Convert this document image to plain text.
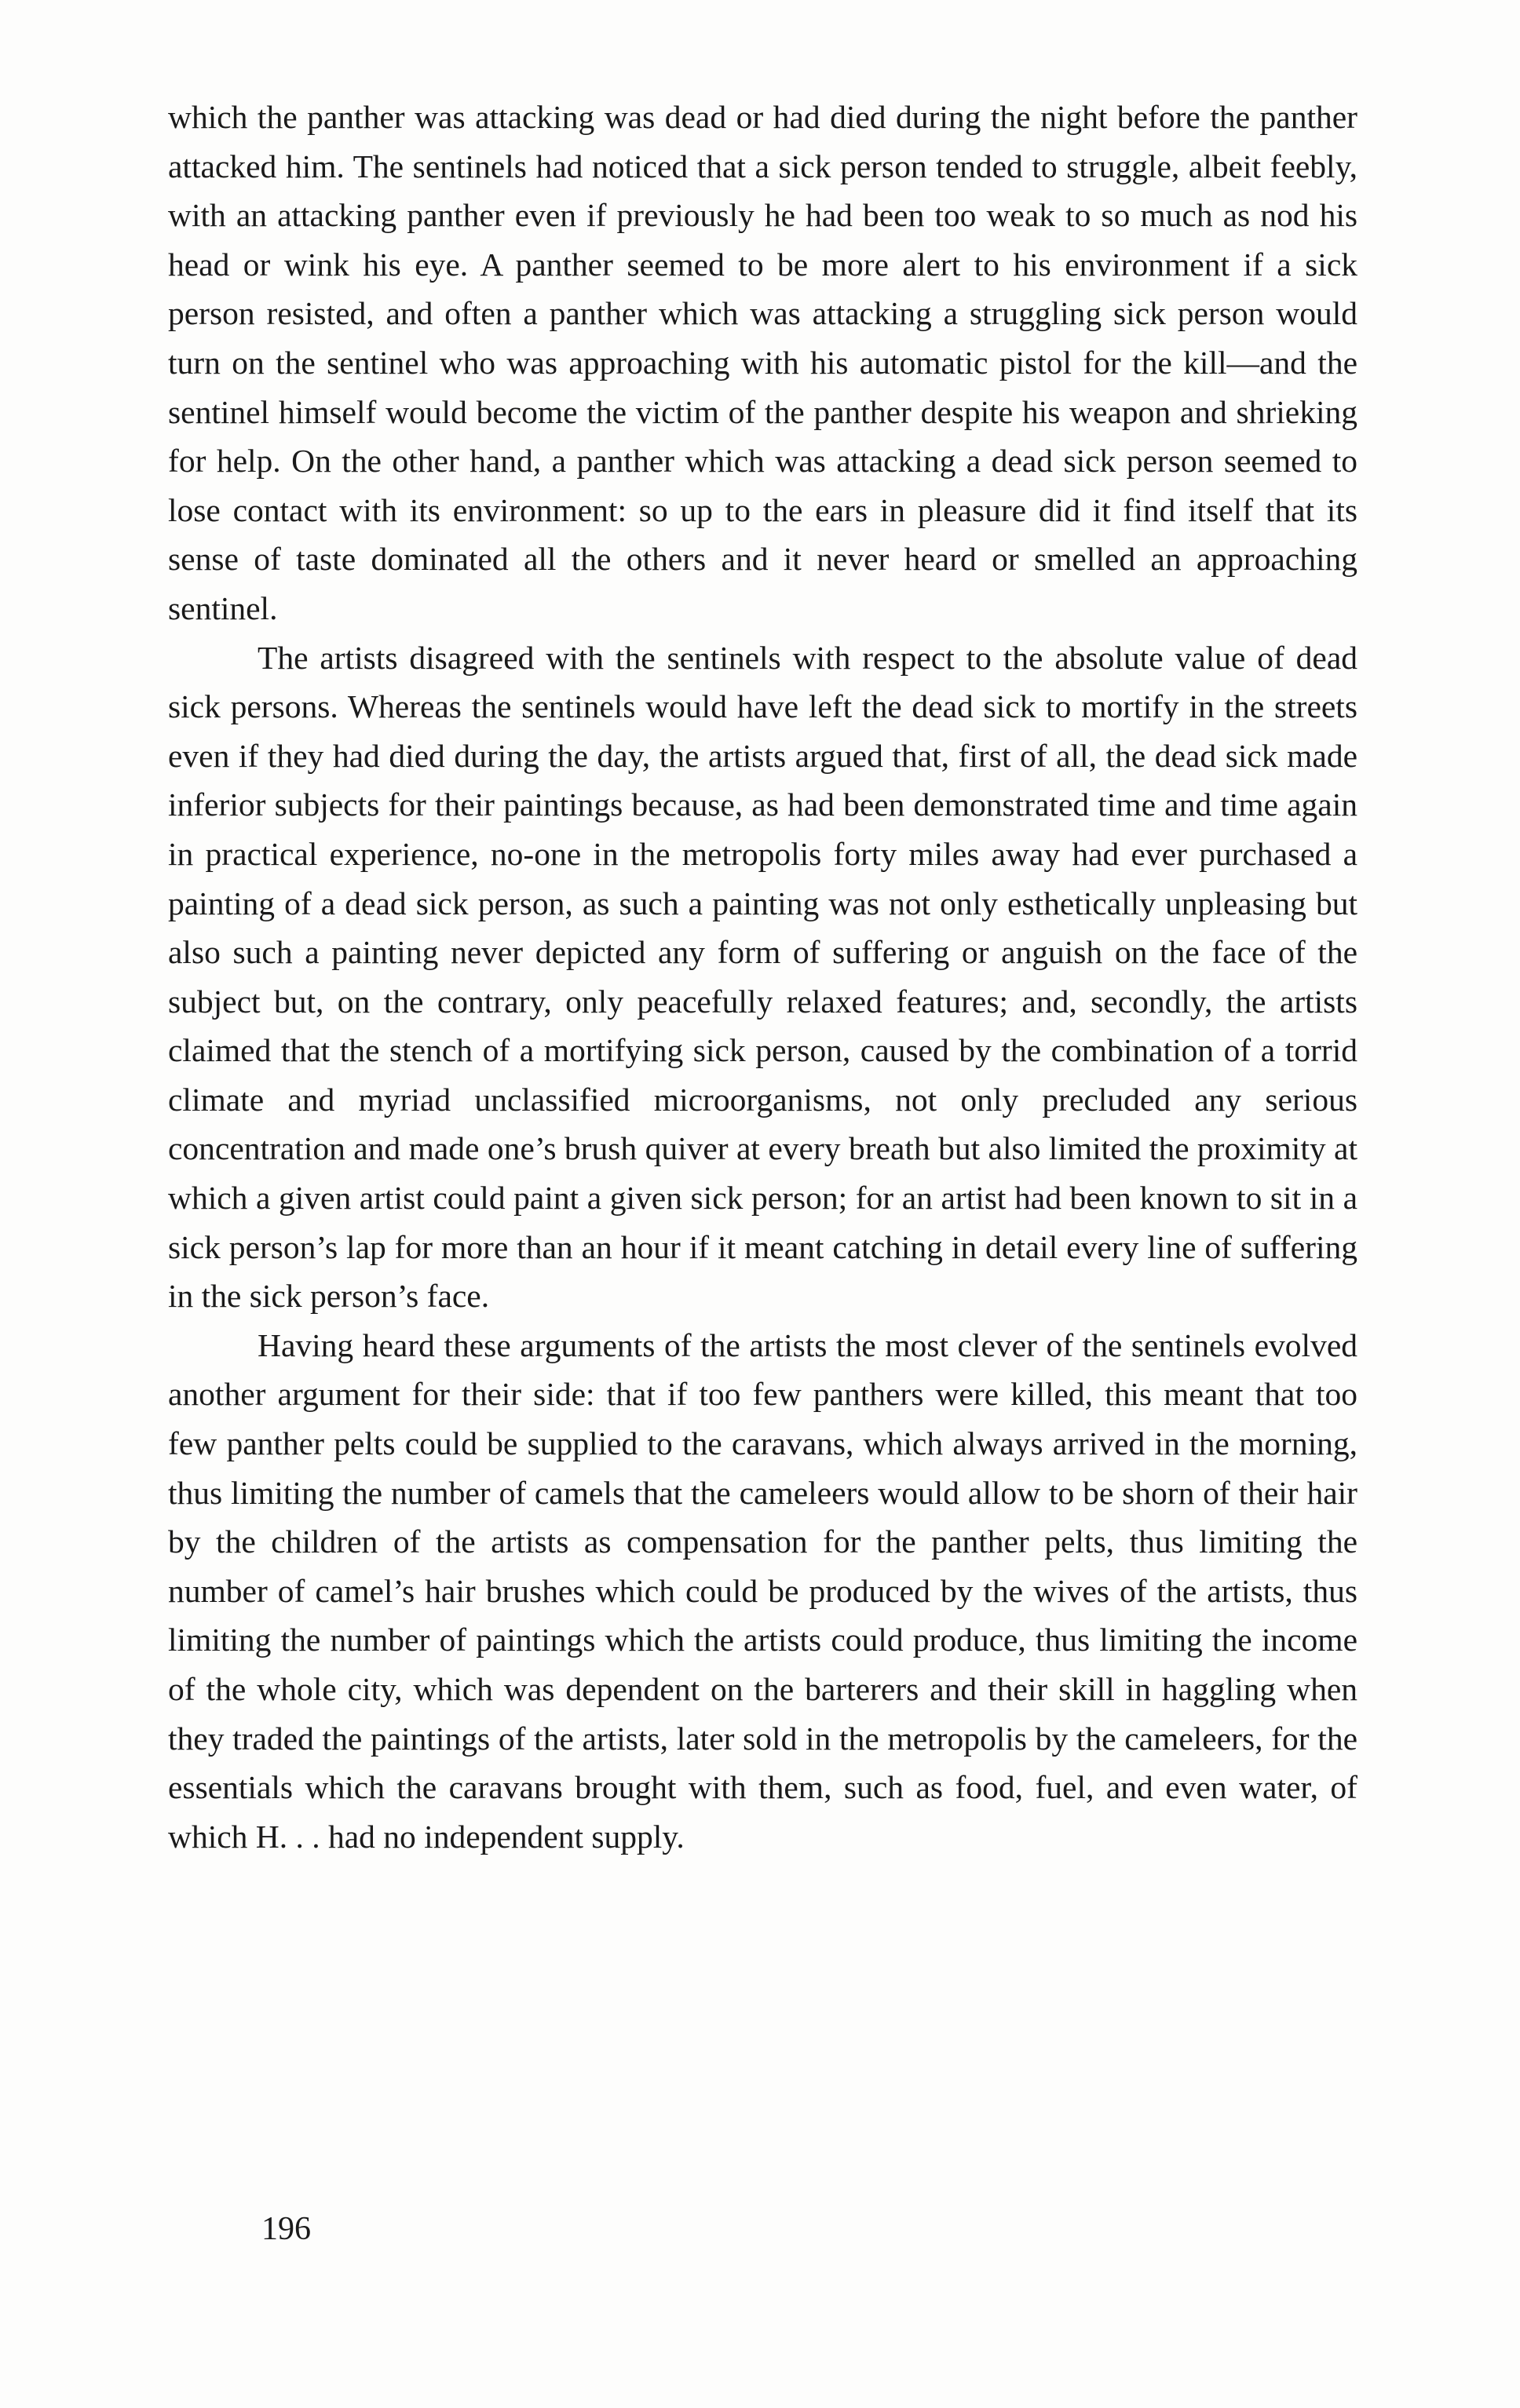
which the panther was attacking was dead or had died during the night before the panther attacked him. The sentinels had noticed that a sick person tended to struggle, albeit feebly, with an attacking panther even if previously he had been too weak to so much as nod his head or wink his eye. A panther seemed to be more alert to his environment if a sick person resisted, and often a panther which was attacking a struggling sick person would turn on the sentinel who was approaching with his automatic pistol for the kill—and the sentinel himself would become the victim of the panther despite his weapon and shrieking for help. On the other hand, a panther which was attacking a dead sick person seemed to lose contact with its environment: so up to the ears in pleasure did it find itself that its sense of taste dominated all the others and it never heard or smelled an approaching sentinel.

The artists disagreed with the sentinels with respect to the absolute value of dead sick persons. Whereas the sentinels would have left the dead sick to mortify in the streets even if they had died during the day, the artists argued that, first of all, the dead sick made inferior subjects for their paintings because, as had been demonstrated time and time again in practical experience, no-one in the metropolis forty miles away had ever purchased a painting of a dead sick person, as such a painting was not only esthetically unpleasing but also such a painting never depicted any form of suffering or anguish on the face of the subject but, on the contrary, only peacefully relaxed features; and, secondly, the artists claimed that the stench of a mortifying sick person, caused by the combination of a torrid climate and myriad unclassified microorganisms, not only precluded any serious concentration and made one’s brush quiver at every breath but also limited the proximity at which a given artist could paint a given sick person; for an artist had been known to sit in a sick person’s lap for more than an hour if it meant catching in detail every line of suffering in the sick person’s face.

Having heard these arguments of the artists the most clever of the sentinels evolved another argument for their side: that if too few panthers were killed, this meant that too few panther pelts could be supplied to the caravans, which always arrived in the morning, thus limiting the number of camels that the cameleers would allow to be shorn of their hair by the children of the artists as compensation for the panther pelts, thus limiting the number of camel’s hair brushes which could be produced by the wives of the artists, thus limiting the number of paintings which the artists could produce, thus limiting the income of the whole city, which was dependent on the barterers and their skill in haggling when they traded the paintings of the artists, later sold in the metropolis by the cameleers, for the essentials which the caravans brought with them, such as food, fuel, and even water, of which H. . . had no independent supply.

196
